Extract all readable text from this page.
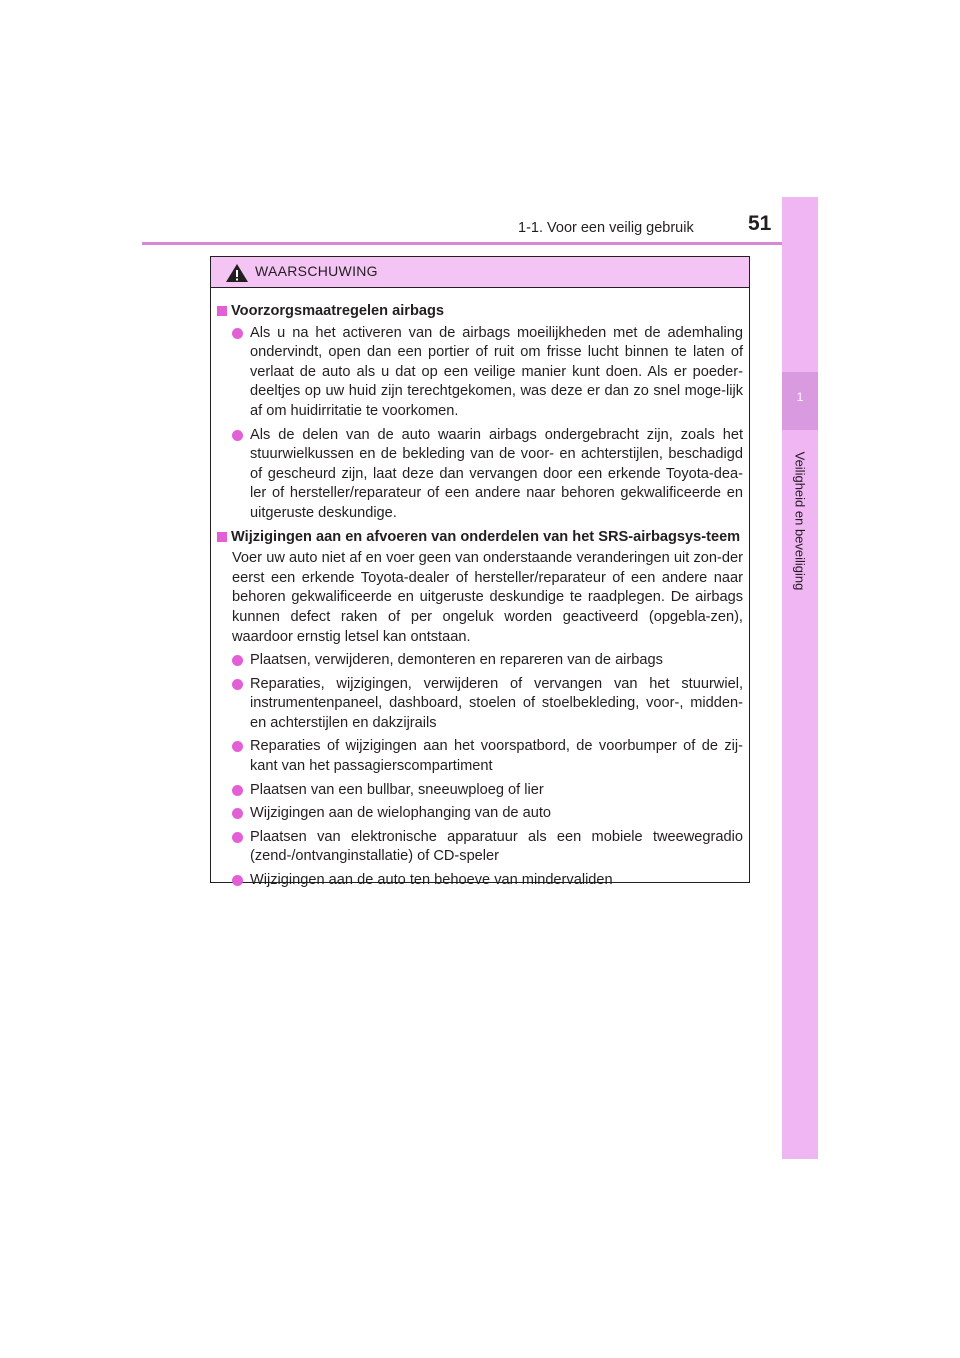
1-1. Voor een veilig gebruik	51
1
Veiligheid en beveiliging
WAARSCHUWING
Voorzorgsmaatregelen airbags
Als u na het activeren van de airbags moeilijkheden met de ademhaling ondervindt, open dan een portier of ruit om frisse lucht binnen te laten of verlaat de auto als u dat op een veilige manier kunt doen. Als er poeder-deeltjes op uw huid zijn terechtgekomen, was deze er dan zo snel moge-lijk af om huidirritatie te voorkomen.
Als de delen van de auto waarin airbags ondergebracht zijn, zoals het stuurwielkussen en de bekleding van de voor- en achterstijlen, beschadigd of gescheurd zijn, laat deze dan vervangen door een erkende Toyota-dea-ler of hersteller/reparateur of een andere naar behoren gekwalificeerde en uitgeruste deskundige.
Wijzigingen aan en afvoeren van onderdelen van het SRS-airbagsys-teem
Voer uw auto niet af en voer geen van onderstaande veranderingen uit zon-der eerst een erkende Toyota-dealer of hersteller/reparateur of een andere naar behoren gekwalificeerde en uitgeruste deskundige te raadplegen. De airbags kunnen defect raken of per ongeluk worden geactiveerd (opgebla-zen), waardoor ernstig letsel kan ontstaan.
Plaatsen, verwijderen, demonteren en repareren van de airbags
Reparaties, wijzigingen, verwijderen of vervangen van het stuurwiel, instrumentenpaneel, dashboard, stoelen of stoelbekleding, voor-, midden- en achterstijlen en dakzijrails
Reparaties of wijzigingen aan het voorspatbord, de voorbumper of de zij-kant van het passagierscompartiment
Plaatsen van een bullbar, sneeuwploeg of lier
Wijzigingen aan de wielophanging van de auto
Plaatsen van elektronische apparatuur als een mobiele tweewegradio (zend-/ontvanginstallatie) of CD-speler
Wijzigingen aan de auto ten behoeve van mindervaliden
